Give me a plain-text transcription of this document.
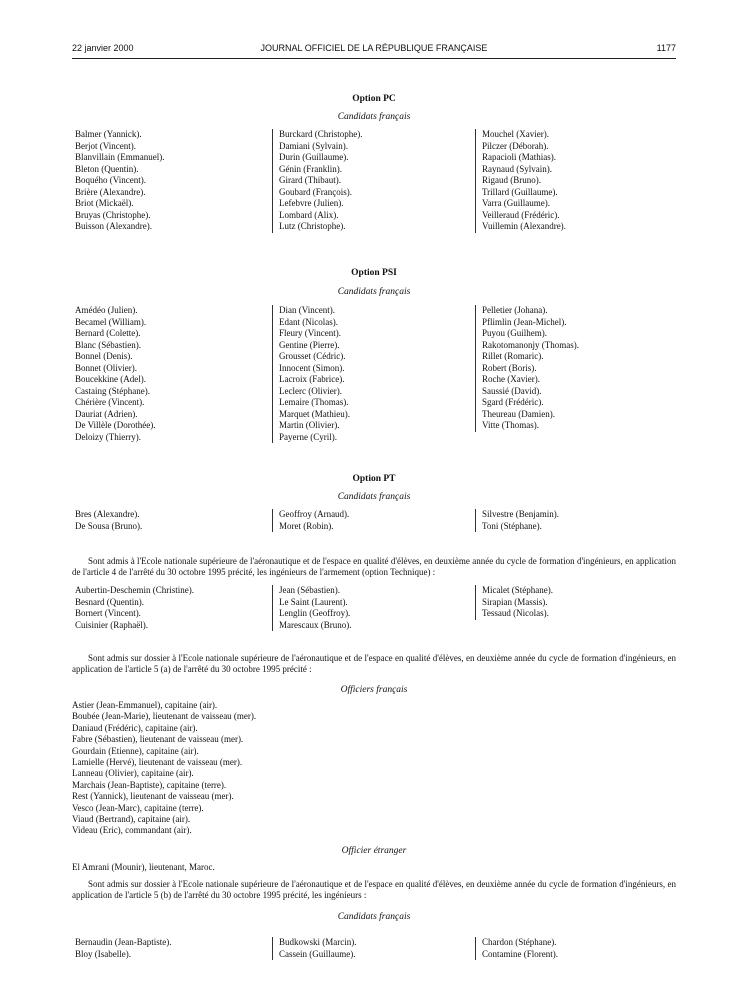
22 janvier 2000	JOURNAL OFFICIEL DE LA RÉPUBLIQUE FRANÇAISE	1177
Option PC
Candidats français
Balmer (Yannick).
Berjot (Vincent).
Blanvillain (Emmanuel).
Bleton (Quentin).
Boquého (Vincent).
Brière (Alexandre).
Briot (Mickaël).
Bruyas (Christophe).
Buisson (Alexandre).
Burckard (Christophe).
Damiani (Sylvain).
Durin (Guillaume).
Génin (Franklin).
Girard (Thibaut).
Goubard (François).
Lefebvre (Julien).
Lombard (Alix).
Lutz (Christophe).
Mouchel (Xavier).
Pilczer (Déborah).
Rapacioli (Mathias).
Raynaud (Sylvain).
Rigaud (Bruno).
Trillard (Guillaume).
Varra (Guillaume).
Veilleraud (Frédéric).
Vuillemin (Alexandre).
Option PSI
Candidats français
Amédéo (Julien).
Becamel (William).
Bernard (Colette).
Blanc (Sébastien).
Bonnel (Denis).
Bonnet (Olivier).
Boucekkine (Adel).
Castaing (Stéphane).
Chérière (Vincent).
Dauriat (Adrien).
De Villèle (Dorothée).
Deloizy (Thierry).
Dian (Vincent).
Edant (Nicolas).
Fleury (Vincent).
Gentine (Pierre).
Grousset (Cédric).
Innocent (Simon).
Lacroix (Fabrice).
Leclerc (Olivier).
Lemaire (Thomas).
Marquet (Mathieu).
Martin (Olivier).
Payerne (Cyril).
Pelletier (Johana).
Pflimlin (Jean-Michel).
Puyou (Guilhem).
Rakotomanonjy (Thomas).
Rillet (Romaric).
Robert (Boris).
Roche (Xavier).
Saussié (David).
Sgard (Frédéric).
Theureau (Damien).
Vitte (Thomas).
Option PT
Candidats français
Bres (Alexandre).
De Sousa (Bruno).
Geoffroy (Arnaud).
Moret (Robin).
Silvestre (Benjamin).
Toni (Stéphane).
Sont admis à l'Ecole nationale supérieure de l'aéronautique et de l'espace en qualité d'élèves, en deuxième année du cycle de formation d'ingénieurs, en application de l'article 4 de l'arrêté du 30 octobre 1995 précité, les ingénieurs de l'armement (option Technique) :
Aubertin-Deschemin (Christine).
Besnard (Quentin).
Bornert (Vincent).
Cuisinier (Raphaël).
Jean (Sébastien).
Le Saint (Laurent).
Lenglin (Geoffroy).
Marescaux (Bruno).
Micalet (Stéphane).
Sirapian (Massis).
Tessaud (Nicolas).
Sont admis sur dossier à l'Ecole nationale supérieure de l'aéronautique et de l'espace en qualité d'élèves, en deuxième année du cycle de formation d'ingénieurs, en application de l'article 5 (a) de l'arrêté du 30 octobre 1995 précité :
Officiers français
Astier (Jean-Emmanuel), capitaine (air).
Boubée (Jean-Marie), lieutenant de vaisseau (mer).
Daniaud (Frédéric), capitaine (air).
Fabre (Sébastien), lieutenant de vaisseau (mer).
Gourdain (Etienne), capitaine (air).
Lamielle (Hervé), lieutenant de vaisseau (mer).
Lanneau (Olivier), capitaine (air).
Marchais (Jean-Baptiste), capitaine (terre).
Rest (Yannick), lieutenant de vaisseau (mer).
Vesco (Jean-Marc), capitaine (terre).
Viaud (Bertrand), capitaine (air).
Videau (Eric), commandant (air).
Officier étranger
El Amrani (Mounir), lieutenant, Maroc.
Sont admis sur dossier à l'Ecole nationale supérieure de l'aéronautique et de l'espace en qualité d'élèves, en deuxième année du cycle de formation d'ingénieurs, en application de l'article 5 (b) de l'arrêté du 30 octobre 1995 précité, les ingénieurs :
Candidats français
Bernaudin (Jean-Baptiste).
Bloy (Isabelle).
Budkowski (Marcin).
Cassein (Guillaume).
Chardon (Stéphane).
Contamine (Florent).
